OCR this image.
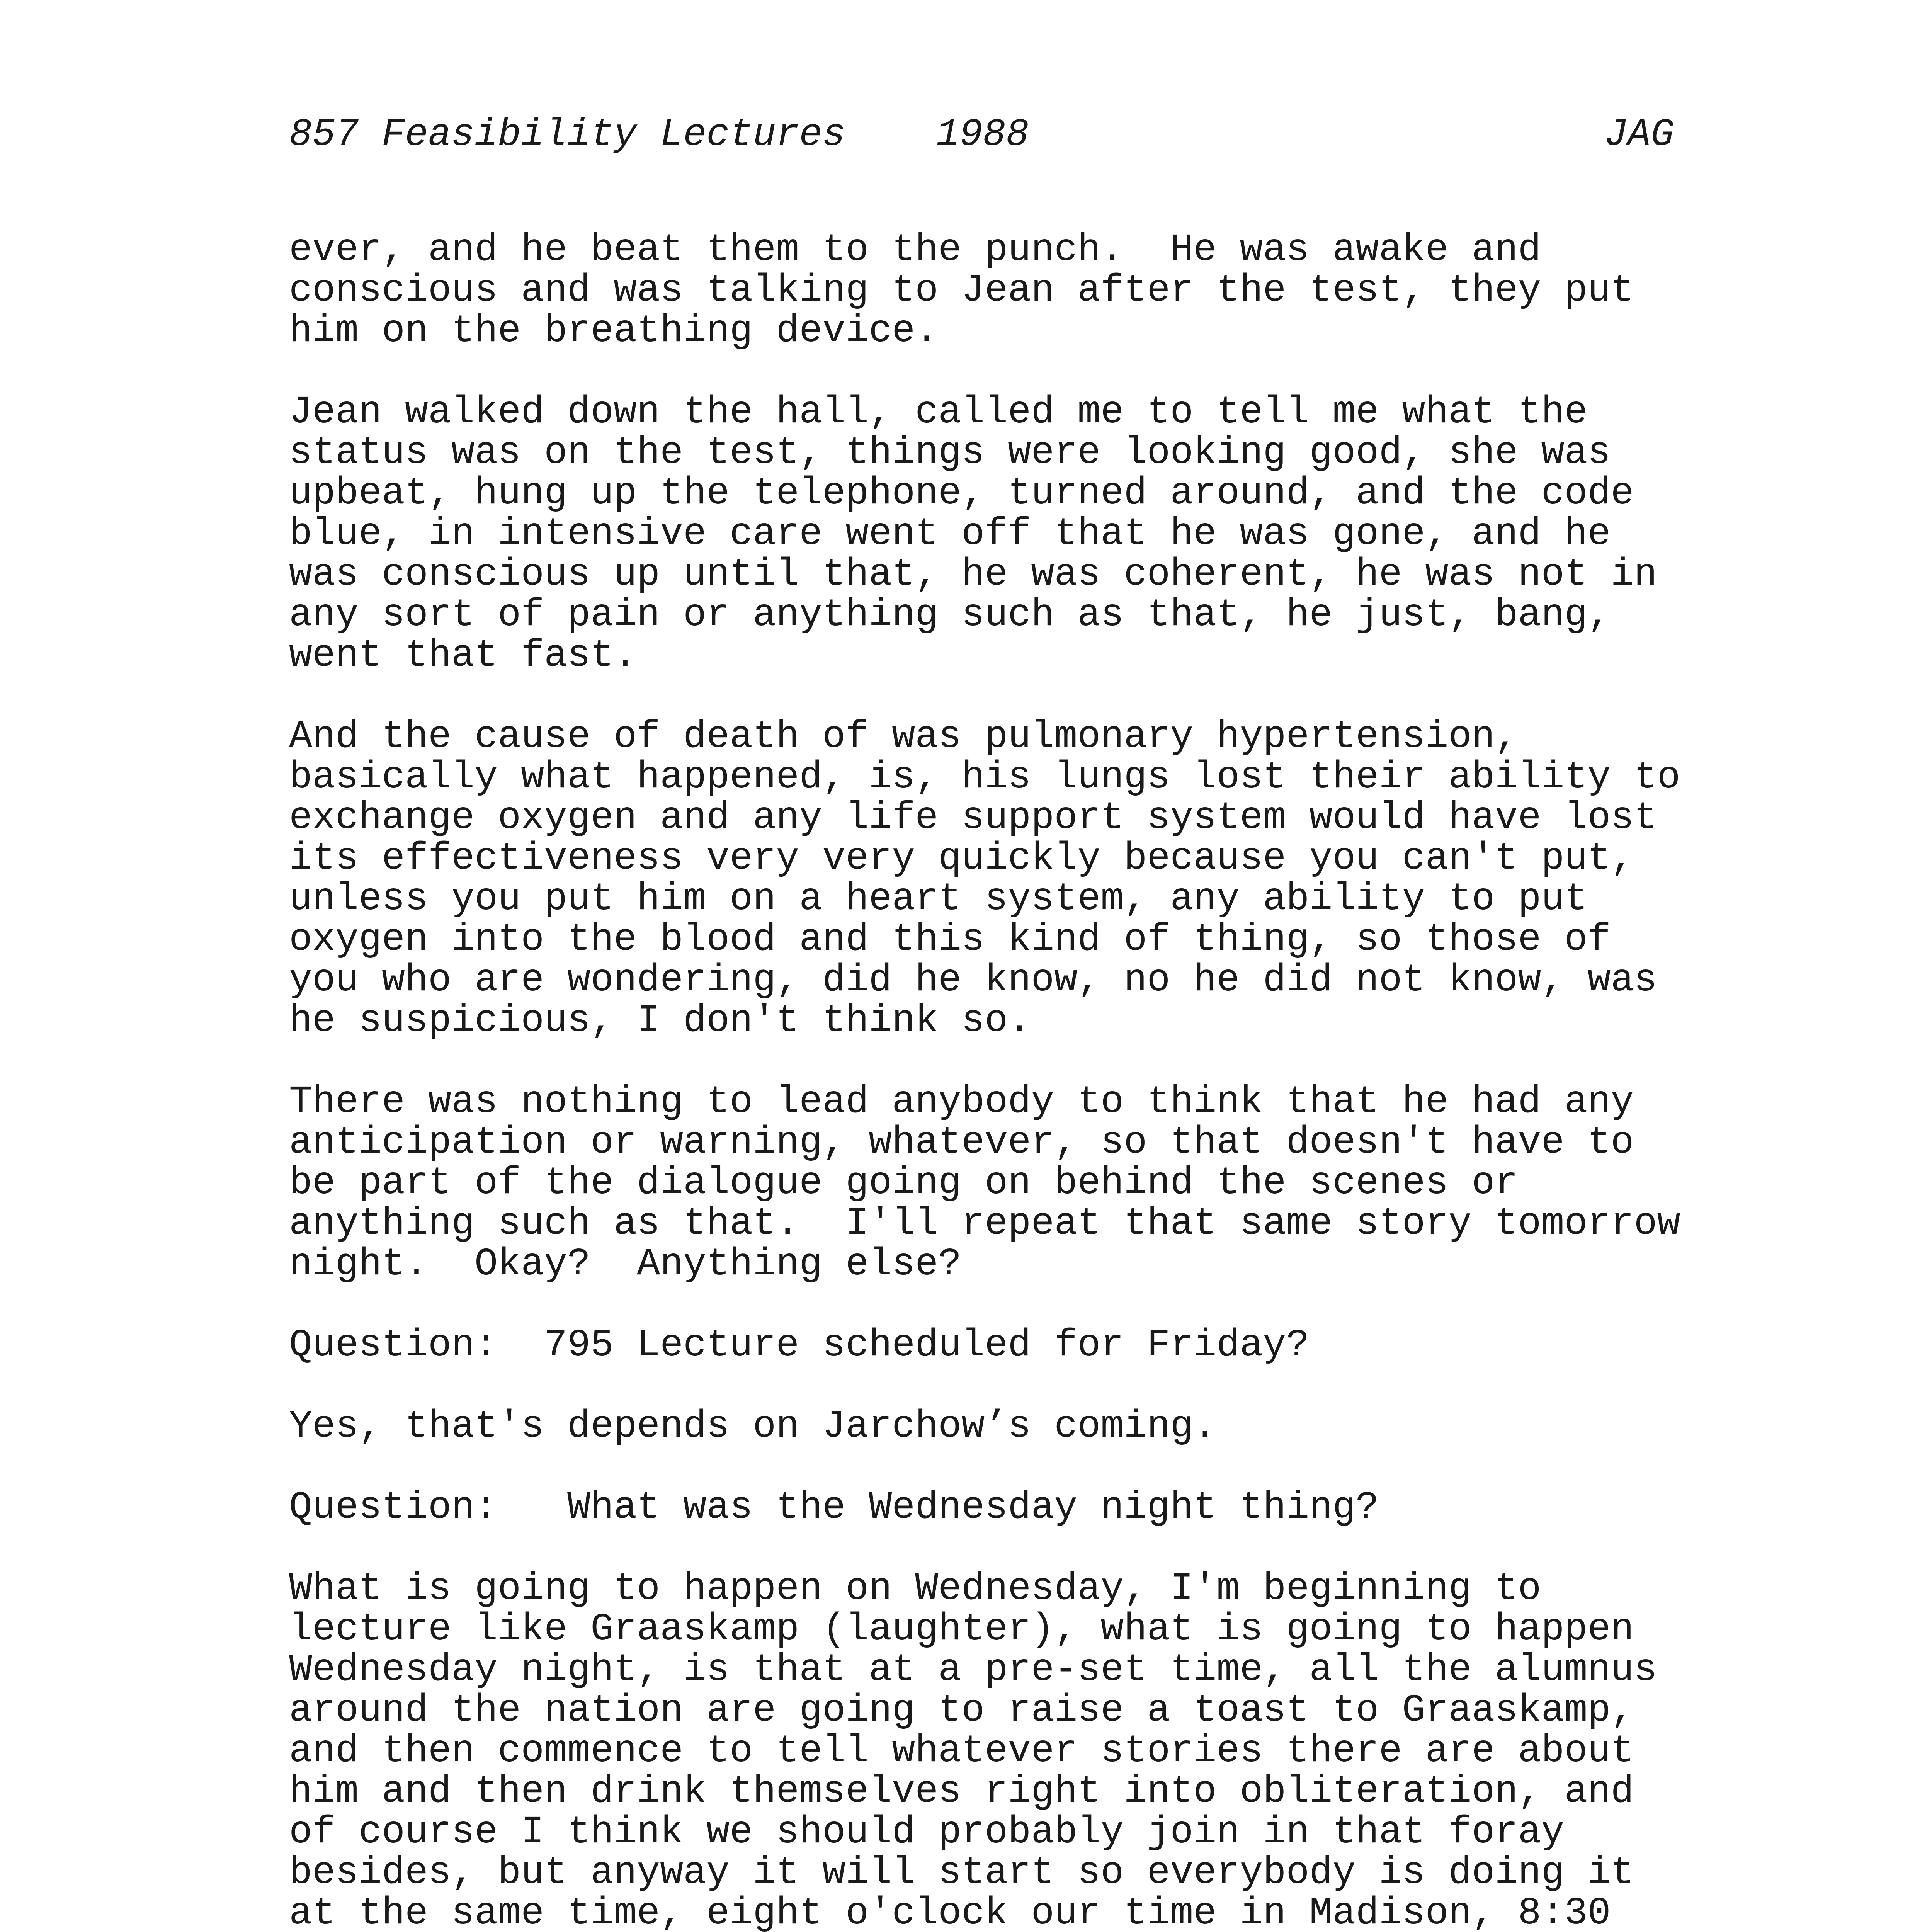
857 Feasibility Lectures

1988

	JAG

ever, and he beat them to the punch.  He was awake and
conscious and was talking to Jean after the test, they put
him on the breathing device.
Jean walked down the hall, called me to tell me what the
status was on the test, things were looking good, she was
upbeat, hung up the telephone, turned around, and the code
blue, in intensive care went off that he was gone, and he
was conscious up until that, he was coherent, he was not in
any sort of pain or anything such as that, he just, bang,
went that fast.
And the cause of death of was pulmonary hypertension,
basically what happened, is, his lungs lost their ability to
exchange oxygen and any life support system would have lost
its effectiveness very very quickly because you can't put,
unless you put him on a heart system, any ability to put
oxygen into the blood and this kind of thing, so those of
you who are wondering, did he know, no he did not know, was
he suspicious, I don't think so.
There was nothing to lead anybody to think that he had any
anticipation or warning, whatever, so that doesn't have to
be part of the dialogue going on behind the scenes or
anything such as that.  I'll repeat that same story tomorrow
night.  Okay?  Anything else?
Question:  795 Lecture scheduled for Friday?
Yes, that's depends on Jarchow’s coming.
Question:   What was the Wednesday night thing?
What is going to happen on Wednesday, I'm beginning to
lecture like Graaskamp (laughter), what is going to happen
Wednesday night, is that at a pre-set time, all the alumnus
around the nation are going to raise a toast to Graaskamp,
and then commence to tell whatever stories there are about
him and then drink themselves right into obliteration, and
of course I think we should probably join in that foray
besides, but anyway it will start so everybody is doing it
at the same time, eight o'clock our time in Madison, 8:30
